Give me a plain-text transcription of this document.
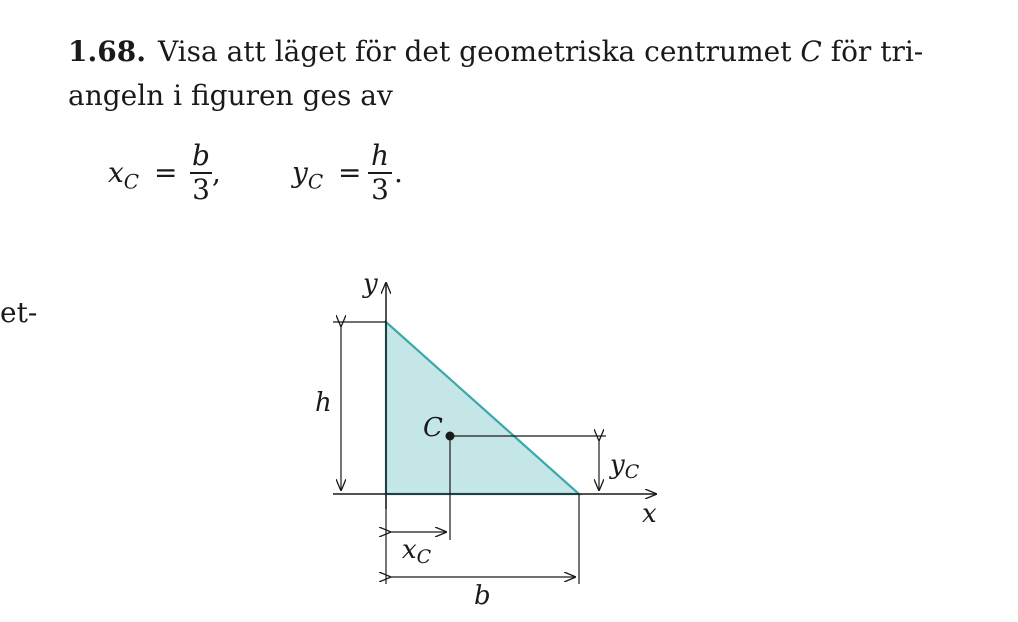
et-
1.68. Visa att läget för det geometriska centrumet C för tri-
angeln i figuren ges av
$x_C$ =
b
3
,	$y_C$ =
h
3
.
y
x
h
b
C
xC
yC
